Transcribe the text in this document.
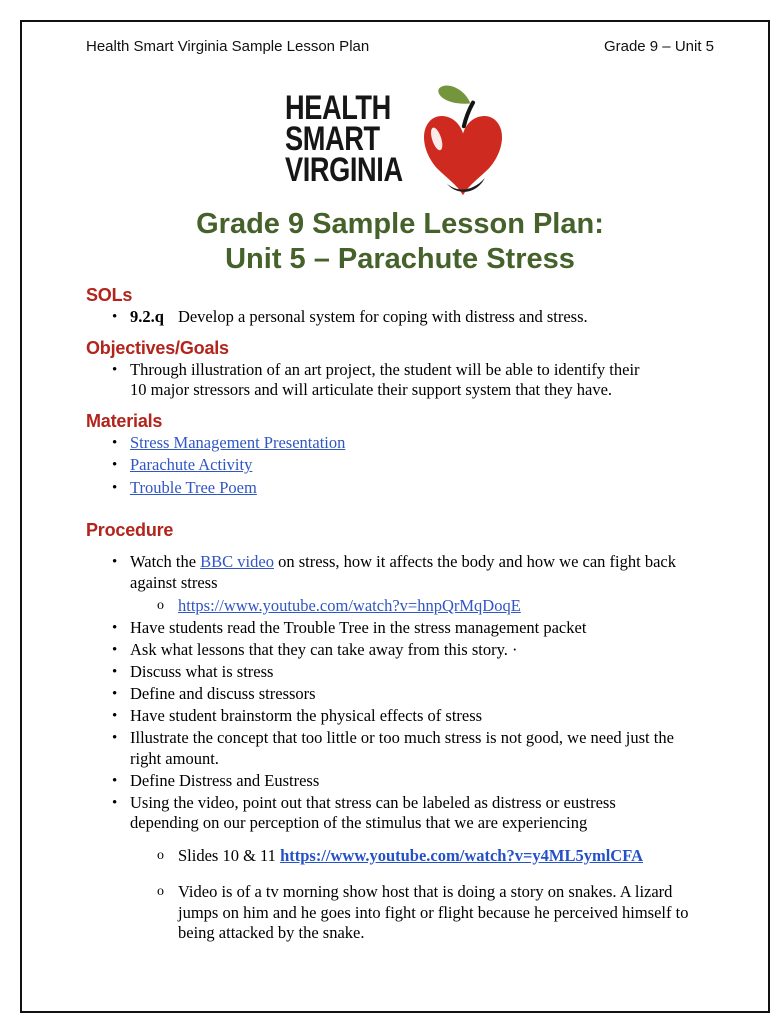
Health Smart Virginia Sample Lesson Plan	Grade 9 – Unit 5
HEALTH
SMART
VIRGINIA
Grade 9 Sample Lesson Plan:
Unit 5 – Parachute Stress
SOLs
• 9.2.q Develop a personal system for coping with distress and stress.
Objectives/Goals
• Through illustration of an art project, the student will be able to identify their 10 major stressors and will articulate their support system that they have.
Materials
• Stress Management Presentation
• Parachute Activity
• Trouble Tree Poem
Procedure
• Watch the BBC video on stress, how it affects the body and how we can fight back against stress
o https://www.youtube.com/watch?v=hnpQrMqDoqE
• Have students read the Trouble Tree in the stress management packet
• Ask what lessons that they can take away from this story. ·
• Discuss what is stress
• Define and discuss stressors
• Have student brainstorm the physical effects of stress
• Illustrate the concept that too little or too much stress is not good, we need just the right amount.
• Define Distress and Eustress
• Using the video, point out that stress can be labeled as distress or eustress depending on our perception of the stimulus that we are experiencing
o Slides 10 & 11 https://www.youtube.com/watch?v=y4ML5ymlCFA
o Video is of a tv morning show host that is doing a story on snakes. A lizard jumps on him and he goes into fight or flight because he perceived himself to being attacked by the snake.
